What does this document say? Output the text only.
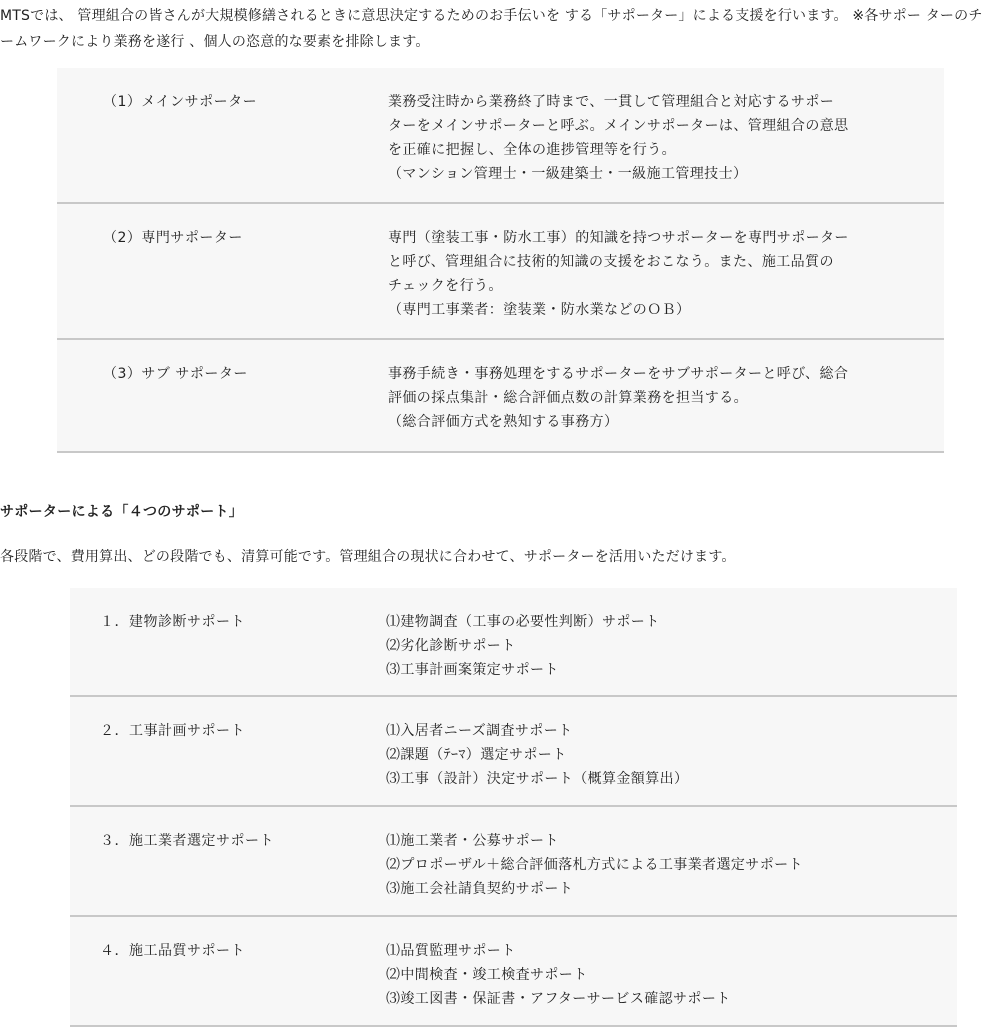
MTSでは、 管理組合の皆さんが大規模修繕されるときに意思決定するためのお手伝いを する「サポーター」による支援を行います。 ※各サポー ターのチームワークにより業務を遂行 、個人の恣意的な要素を排除します。
（1）メインサポーター	業務受注時から業務終了時まで、一貫して管理組合と対応するサポー
ターをメインサポーターと呼ぶ。メインサポーターは、管理組合の意思
を正確に把握し、全体の進捗管理等を行う。
（マンション管理士・一級建築士・一級施工管理技士）
（2）専門サポーター	専門（塗装工事・防水工事）的知識を持つサポーターを専門サポーター
と呼び、管理組合に技術的知識の支援をおこなう。また、施工品質の
チェックを行う。
（専門工事業者：塗装業・防水業などのＯＢ）
（3）サブ サポーター	事務手続き・事務処理をするサポーターをサブサポーターと呼び、総合
評価の採点集計・総合評価点数の計算業務を担当する。
（総合評価方式を熟知する事務方）
サポーターによる「４つのサポート」
各段階で、費用算出、どの段階でも、清算可能です。管理組合の現状に合わせて、サポーターを活用いただけます。
１．建物診断サポート	⑴建物調査（工事の必要性判断）サポート
⑵劣化診断サポート
⑶工事計画案策定サポート
２．工事計画サポート	⑴入居者ニーズ調査サポート
⑵課題（ﾃｰﾏ）選定サポート
⑶工事（設計）決定サポート（概算金額算出）
３．施工業者選定サポート	⑴施工業者・公募サポート
⑵プロポーザル＋総合評価落札方式による工事業者選定サポート
⑶施工会社請負契約サポート
４．施工品質サポート	⑴品質監理サポート
⑵中間検査・竣工検査サポート
⑶竣工図書・保証書・アフターサービス確認サポート
